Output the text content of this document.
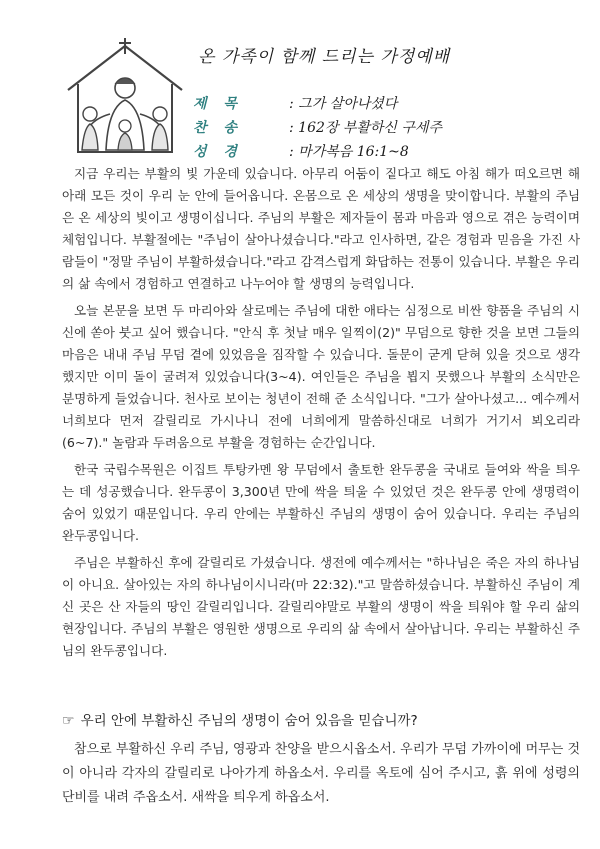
온 가족이 함께 드리는 가정예배
제 목	: 그가 살아나셨다
찬 송	: 162장 부활하신 구세주
성 경	: 마가복음 16:1~8

지금 우리는 부활의 빛 가운데 있습니다. 아무리 어둠이 짙다고 해도 아침 해가 떠오르면 해 아래 모든 것이 우리 눈 안에 들어옵니다. 온몸으로 온 세상의 생명을 맞이합니다. 부활의 주님은 온 세상의 빛이고 생명이십니다. 주님의 부활은 제자들이 몸과 마음과 영으로 겪은 능력이며 체험입니다. 부활절에는 "주님이 살아나셨습니다."라고 인사하면, 같은 경험과 믿음을 가진 사람들이 "정말 주님이 부활하셨습니다."라고 감격스럽게 화답하는 전통이 있습니다. 부활은 우리의 삶 속에서 경험하고 연결하고 나누어야 할 생명의 능력입니다.

오늘 본문을 보면 두 마리아와 살로메는 주님에 대한 애타는 심정으로 비싼 향품을 주님의 시신에 쏟아 붓고 싶어 했습니다. "안식 후 첫날 매우 일찍이(2)" 무덤으로 향한 것을 보면 그들의 마음은 내내 주님 무덤 곁에 있었음을 짐작할 수 있습니다. 돌문이 굳게 닫혀 있을 것으로 생각했지만 이미 돌이 굴려져 있었습니다(3~4). 여인들은 주님을 뵙지 못했으나 부활의 소식만은 분명하게 들었습니다. 천사로 보이는 청년이 전해 준 소식입니다. "그가 살아나셨고... 예수께서 너희보다 먼저 갈릴리로 가시나니 전에 너희에게 말씀하신대로 너희가 거기서 뵈오리라(6~7)." 놀람과 두려움으로 부활을 경험하는 순간입니다.

한국 국립수목원은 이집트 투탕카멘 왕 무덤에서 출토한 완두콩을 국내로 들여와 싹을 틔우는 데 성공했습니다. 완두콩이 3,300년 만에 싹을 틔울 수 있었던 것은 완두콩 안에 생명력이 숨어 있었기 때문입니다. 우리 안에는 부활하신 주님의 생명이 숨어 있습니다. 우리는 주님의 완두콩입니다.

주님은 부활하신 후에 갈릴리로 가셨습니다. 생전에 예수께서는 "하나님은 죽은 자의 하나님이 아니요. 살아있는 자의 하나님이시니라(마 22:32)."고 말씀하셨습니다. 부활하신 주님이 계신 곳은 산 자들의 땅인 갈릴리입니다. 갈릴리야말로 부활의 생명이 싹을 틔워야 할 우리 삶의 현장입니다. 주님의 부활은 영원한 생명으로 우리의 삶 속에서 살아납니다. 우리는 부활하신 주님의 완두콩입니다.

☞ 우리 안에 부활하신 주님의 생명이 숨어 있음을 믿습니까?

참으로 부활하신 우리 주님, 영광과 찬양을 받으시옵소서. 우리가 무덤 가까이에 머무는 것이 아니라 각자의 갈릴리로 나아가게 하옵소서. 우리를 옥토에 심어 주시고, 흙 위에 성령의 단비를 내려 주옵소서. 새싹을 틔우게 하옵소서.
